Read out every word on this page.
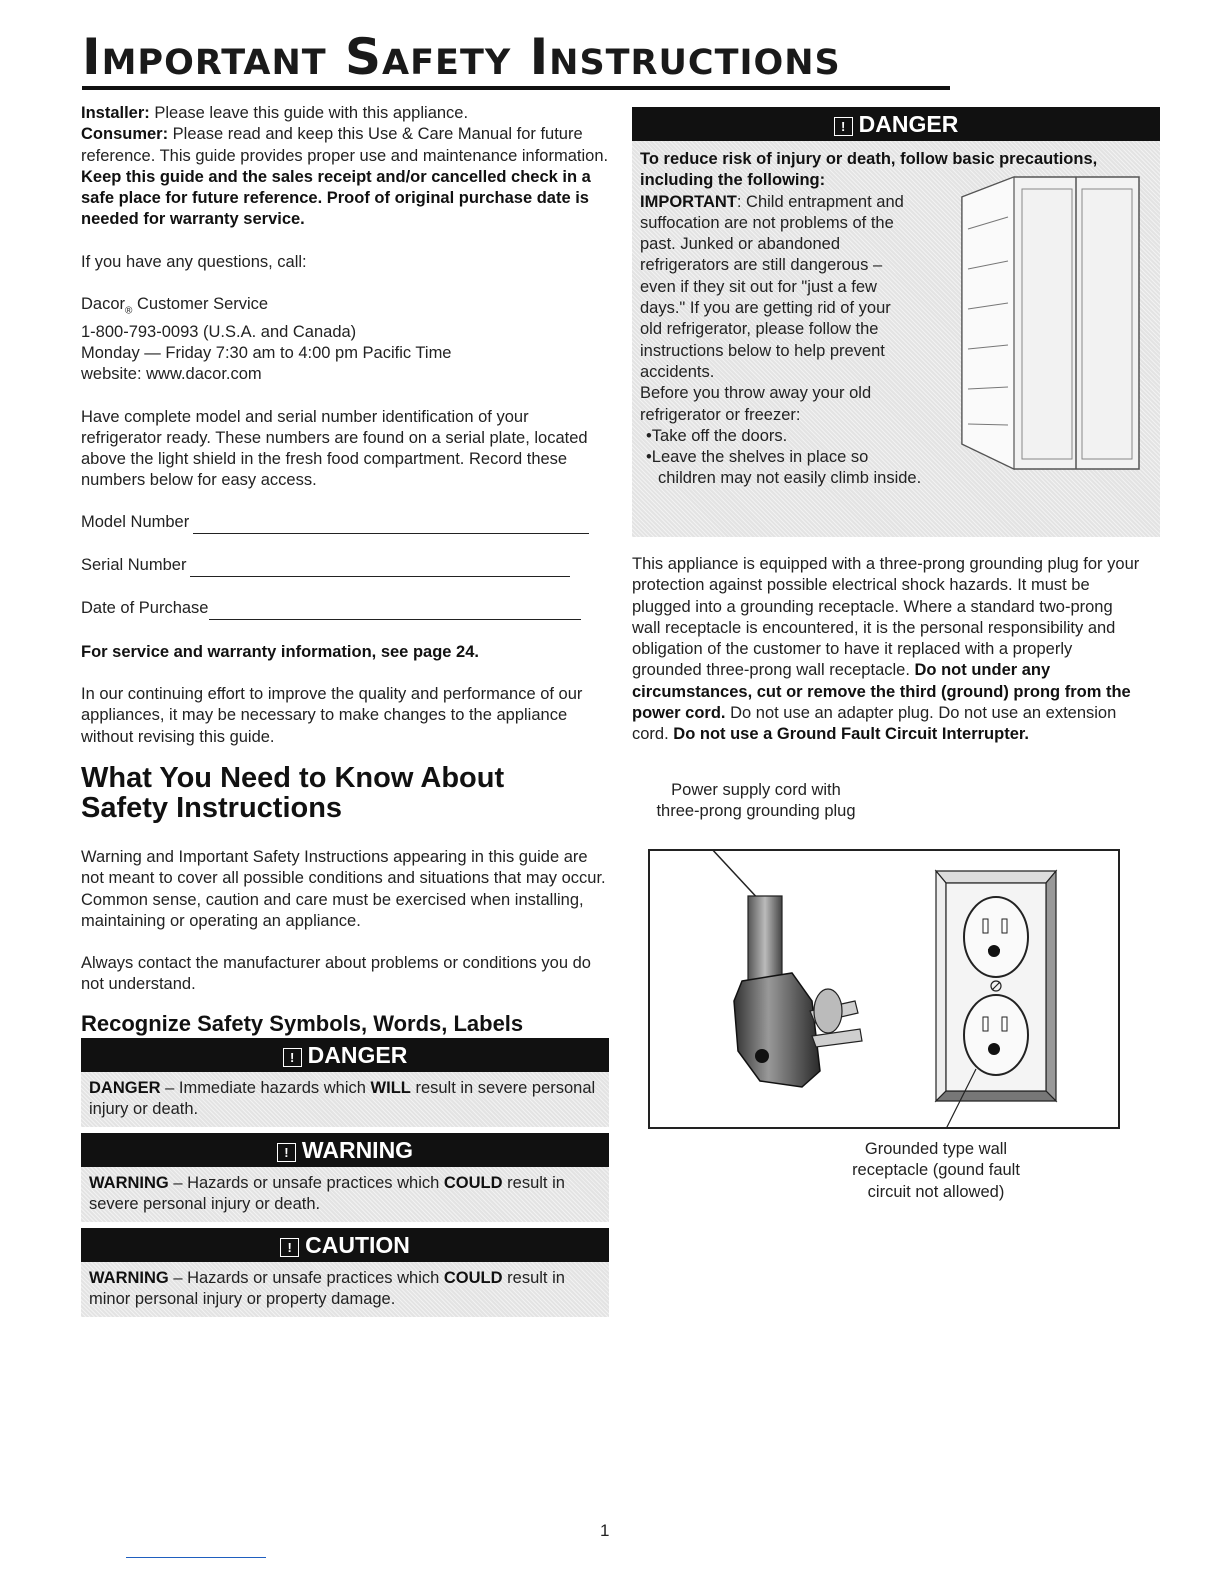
Important Safety Instructions

Installer: Please leave this guide with this appliance.

Consumer: Please read and keep this Use & Care Manual for future reference. This guide provides proper use and maintenance information. Keep this guide and the sales receipt and/or cancelled check in a safe place for future reference. Proof of original purchase date is needed for warranty service.

If you have any questions, call:

Dacor$_®$ Customer Service

1-800-793-0093 (U.S.A. and Canada)

Monday — Friday 7:30 am to 4:00 pm Pacific Time

website: www.dacor.com

Have complete model and serial number identification of your refrigerator ready. These numbers are found on a serial plate, located above the light shield in the fresh food compartment. Record these numbers below for easy access.

Model Number
Serial Number
Date of Purchase

For service and warranty information, see page 24.

In our continuing effort to improve the quality and performance of our appliances, it may be necessary to make changes to the appliance without revising this guide.

What You Need to Know About Safety Instructions

Warning and Important Safety Instructions appearing in this guide are not meant to cover all possible conditions and situations that may occur. Common sense, caution and care must be exercised when installing, maintaining or operating an appliance.

Always contact the manufacturer about problems or conditions you do not understand.

Recognize Safety Symbols, Words, Labels
! DANGER
DANGER – Immediate hazards which WILL result in severe personal injury or death.
! WARNING
WARNING – Hazards or unsafe practices which COULD result in severe personal injury or death.
! CAUTION
WARNING – Hazards or unsafe practices which COULD result in minor personal injury or property damage.
! DANGER

To reduce risk of injury or death, follow basic precautions, including the following:

IMPORTANT: Child entrapment and

suffocation are not problems of the

past. Junked or abandoned

refrigerators are still dangerous –

even if they sit out for "just a few

days." If you are getting rid of your

old refrigerator, please follow the

instructions below to help prevent

accidents.

Before you throw away your old

refrigerator or freezer:

•Take off the doors.

•Leave the shelves in place so

children may not easily climb inside.

This appliance is equipped with a three-prong grounding plug for your protection against possible electrical shock hazards. It must be plugged into a grounding receptacle. Where a standard two-prong wall receptacle is encountered, it is the personal responsibility and obligation of the customer to have it replaced with a properly grounded three-prong wall receptacle. Do not under any circumstances, cut or remove the third (ground) prong from the power cord. Do not use an adapter plug. Do not use an extension cord. Do not use a Ground Fault Circuit Interrupter.

Power supply cord with

three-prong grounding plug

Grounded type wall

receptacle (gound fault

circuit not allowed)

1
